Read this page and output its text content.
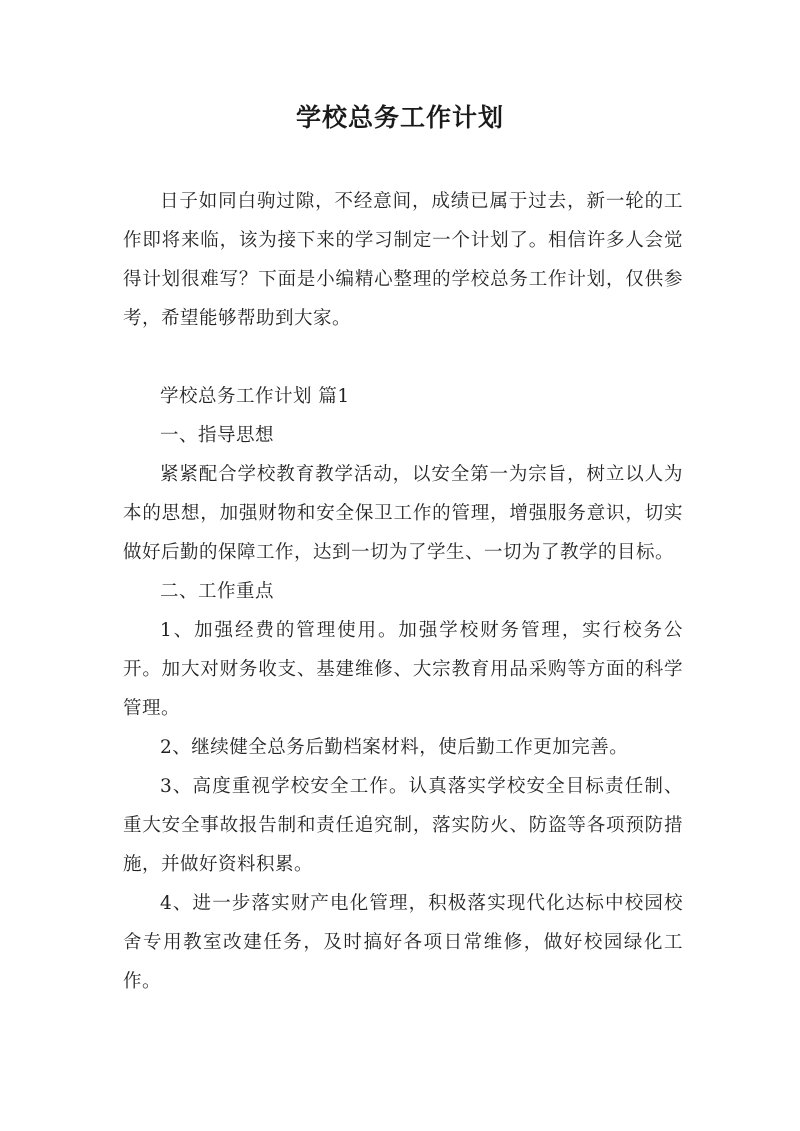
学校总务工作计划

日子如同白驹过隙，不经意间，成绩已属于过去，新一轮的工作即将来临，该为接下来的学习制定一个计划了。相信许多人会觉得计划很难写？下面是小编精心整理的学校总务工作计划，仅供参考，希望能够帮助到大家。

学校总务工作计划 篇1

一、指导思想

紧紧配合学校教育教学活动，以安全第一为宗旨，树立以人为本的思想，加强财物和安全保卫工作的管理，增强服务意识，切实做好后勤的保障工作，达到一切为了学生、一切为了教学的目标。

二、工作重点

1、加强经费的管理使用。加强学校财务管理，实行校务公开。加大对财务收支、基建维修、大宗教育用品采购等方面的科学管理。

2、继续健全总务后勤档案材料，使后勤工作更加完善。

3、高度重视学校安全工作。认真落实学校安全目标责任制、重大安全事故报告制和责任追究制，落实防火、防盗等各项预防措施，并做好资料积累。

4、进一步落实财产电化管理，积极落实现代化达标中校园校舍专用教室改建任务，及时搞好各项日常维修，做好校园绿化工作。
